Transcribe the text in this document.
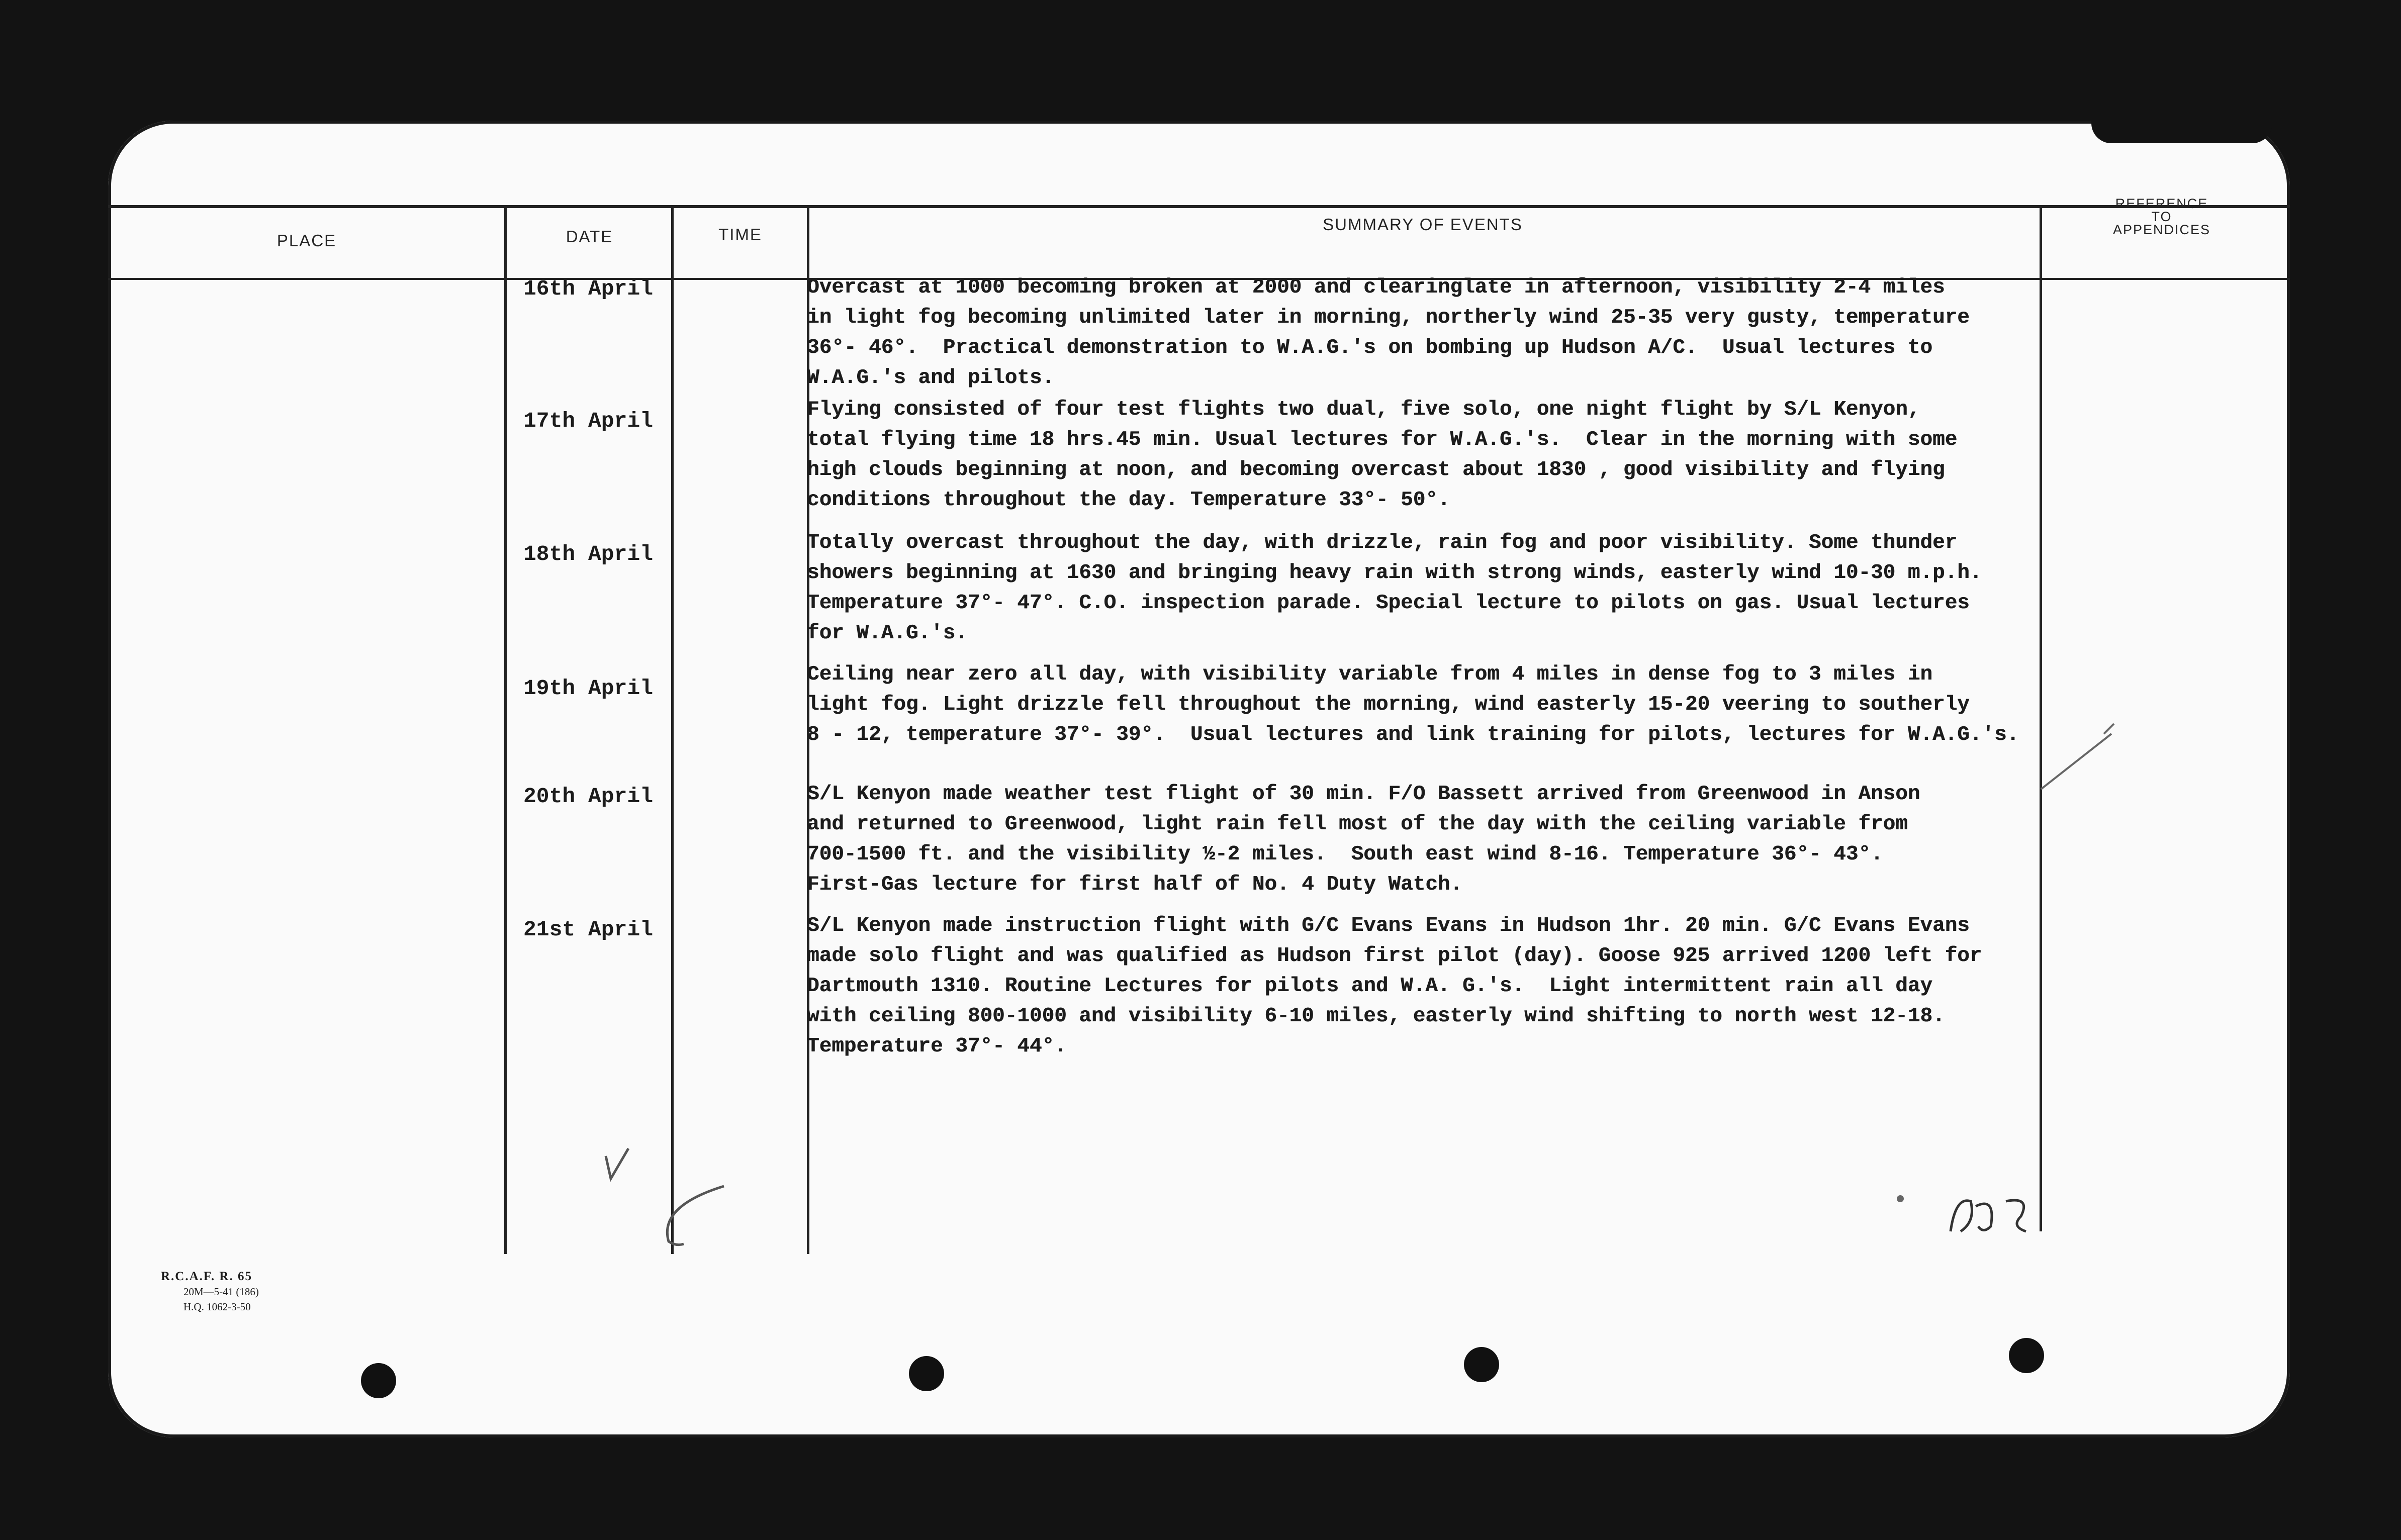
PLACE	DATE	TIME
SUMMARY OF EVENTS
REFERENCE
TO
APPENDICES
16th April
17th April
18th April
19th April
20th April
21st April
Overcast at 1000 becoming broken at 2000 and clearinglate in afternoon, visibility 2-4 miles
in light fog becoming unlimited later in morning, northerly wind 25-35 very gusty, temperature
36°- 46°.  Practical demonstration to W.A.G.'s on bombing up Hudson A/C.  Usual lectures to
W.A.G.'s and pilots.
Flying consisted of four test flights two dual, five solo, one night flight by S/L Kenyon,
total flying time 18 hrs.45 min. Usual lectures for W.A.G.'s.  Clear in the morning with some
high clouds beginning at noon, and becoming overcast about 1830 , good visibility and flying
conditions throughout the day. Temperature 33°- 50°.
Totally overcast throughout the day, with drizzle, rain fog and poor visibility. Some thunder
showers beginning at 1630 and bringing heavy rain with strong winds, easterly wind 10-30 m.p.h.
Temperature 37°- 47°. C.O. inspection parade. Special lecture to pilots on gas. Usual lectures
for W.A.G.'s.
Ceiling near zero all day, with visibility variable from 4 miles in dense fog to 3 miles in
light fog. Light drizzle fell throughout the morning, wind easterly 15-20 veering to southerly
8 - 12, temperature 37°- 39°.  Usual lectures and link training for pilots, lectures for W.A.G.'s.
S/L Kenyon made weather test flight of 30 min. F/O Bassett arrived from Greenwood in Anson
and returned to Greenwood, light rain fell most of the day with the ceiling variable from
700-1500 ft. and the visibility ½-2 miles.  South east wind 8-16. Temperature 36°- 43°.
First-Gas lecture for first half of No. 4 Duty Watch.
S/L Kenyon made instruction flight with G/C Evans Evans in Hudson 1hr. 20 min. G/C Evans Evans
made solo flight and was qualified as Hudson first pilot (day). Goose 925 arrived 1200 left for
Dartmouth 1310. Routine Lectures for pilots and W.A. G.'s.  Light intermittent rain all day
with ceiling 800-1000 and visibility 6-10 miles, easterly wind shifting to north west 12-18.
Temperature 37°- 44°.
R.C.A.F. R. 65
20M—5-41 (186)
H.Q. 1062-3-50
